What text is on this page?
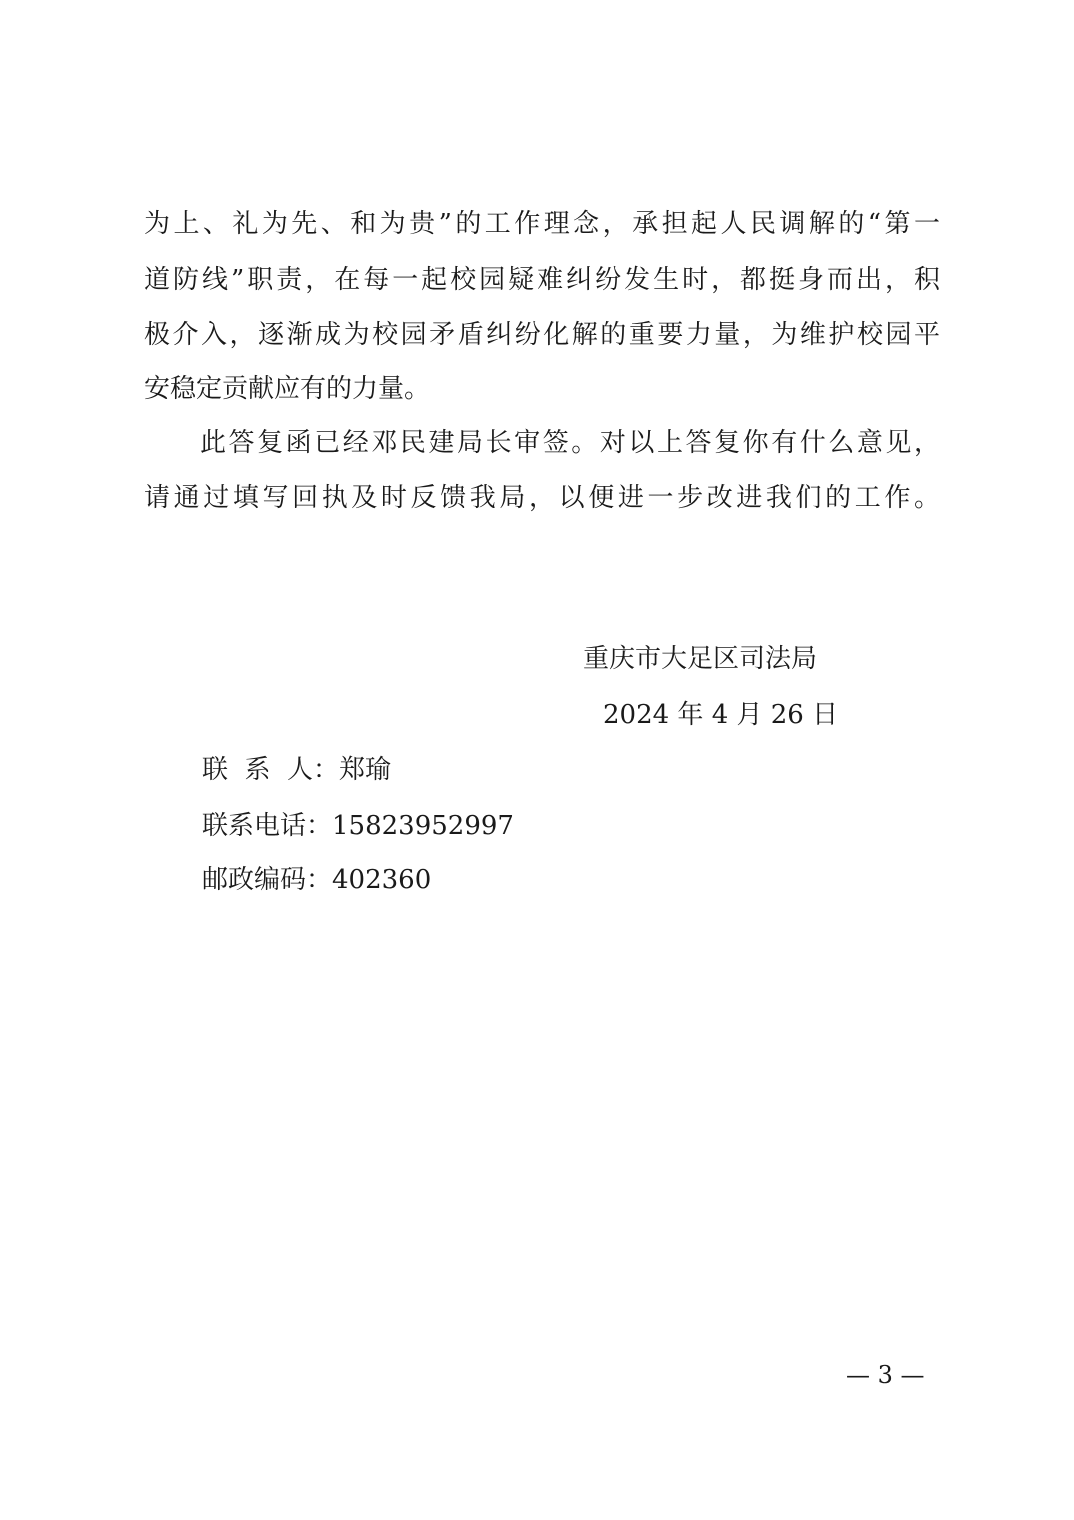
为上、礼为先、和为贵”的工作理念，承担起人民调解的“第一
道防线”职责，在每一起校园疑难纠纷发生时，都挺身而出，积
极介入，逐渐成为校园矛盾纠纷化解的重要力量，为维护校园平
安稳定贡献应有的力量。
此答复函已经邓民建局长审签。对以上答复你有什么意见，
请通过填写回执及时反馈我局，以便进一步改进我们的工作。
重庆市大足区司法局
2024 年 4 月 26 日
联  系  人：郑瑜
联系电话：15823952997
邮政编码：402360
— 3 —
